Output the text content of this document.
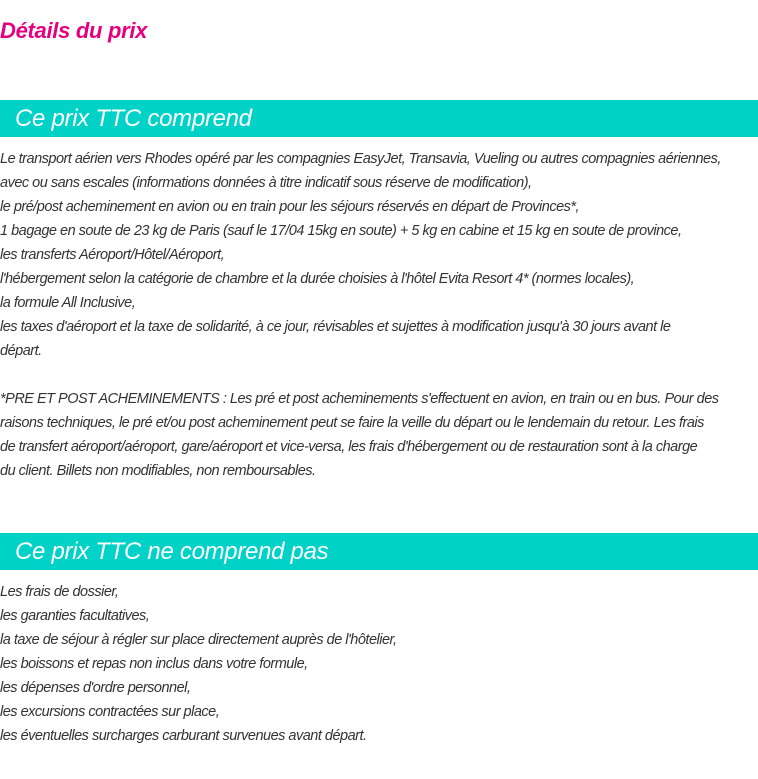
Détails du prix
Ce prix TTC comprend
Le transport aérien vers Rhodes opéré par les compagnies EasyJet, Transavia, Vueling ou autres compagnies aériennes,
avec ou sans escales (informations données à titre indicatif sous réserve de modification),
le pré/post acheminement en avion ou en train pour les séjours réservés en départ de Provinces*,
1 bagage en soute de 23 kg de Paris (sauf le 17/04 15kg en soute) + 5 kg en cabine et 15 kg en soute de province,
les transferts Aéroport/Hôtel/Aéroport,
l'hébergement selon la catégorie de chambre et la durée choisies à l'hôtel Evita Resort 4* (normes locales),
la formule All Inclusive,
les taxes d'aéroport et la taxe de solidarité, à ce jour, révisables et sujettes à modification jusqu'à 30 jours avant le
départ.
*PRE ET POST ACHEMINEMENTS : Les pré et post acheminements s'effectuent en avion, en train ou en bus. Pour des
raisons techniques, le pré et/ou post acheminement peut se faire la veille du départ ou le lendemain du retour. Les frais
de transfert aéroport/aéroport, gare/aéroport et vice-versa, les frais d'hébergement ou de restauration sont à la charge
du client. Billets non modifiables, non remboursables.
Ce prix TTC ne comprend pas
Les frais de dossier,
les garanties facultatives,
la taxe de séjour à régler sur place directement auprès de l'hôtelier,
les boissons et repas non inclus dans votre formule,
les dépenses d'ordre personnel,
les excursions contractées sur place,
les éventuelles surcharges carburant survenues avant départ.
